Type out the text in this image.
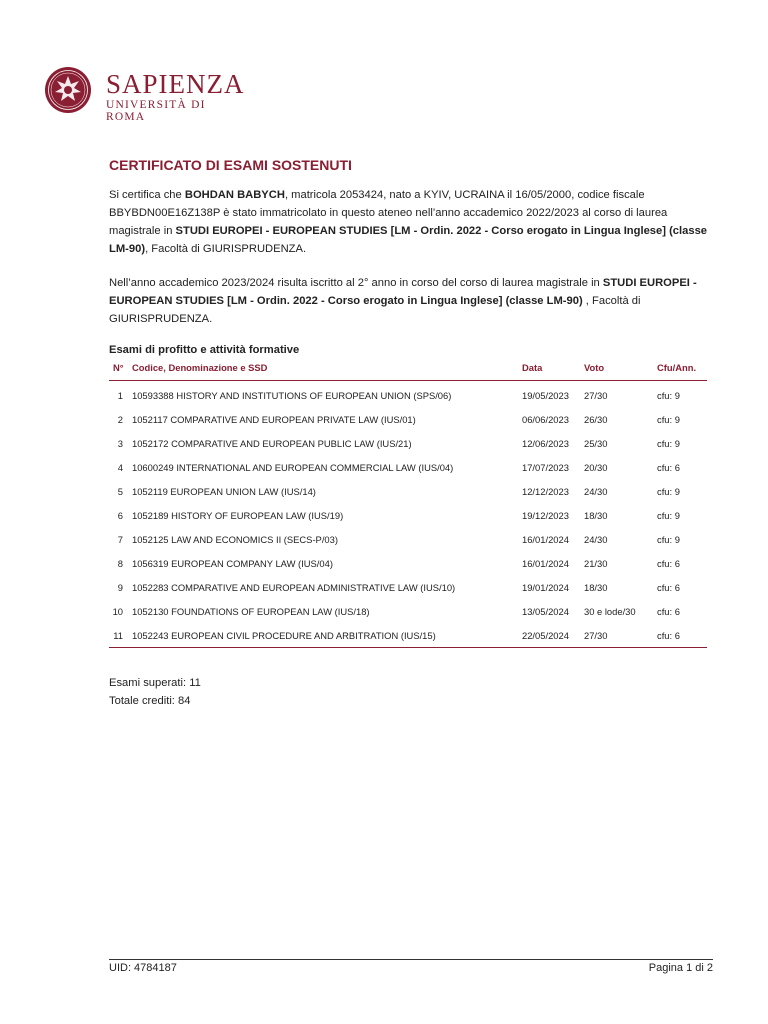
SAPIENZA
UNIVERSITÀ DI ROMA
CERTIFICATO DI ESAMI SOSTENUTI
Si certifica che BOHDAN BABYCH, matricola 2053424, nato a KYIV, UCRAINA il 16/05/2000, codice fiscale BBYBDN00E16Z138P è stato immatricolato in questo ateneo nell’anno accademico 2022/2023 al corso di laurea magistrale in STUDI EUROPEI - EUROPEAN STUDIES [LM - Ordin. 2022 - Corso erogato in Lingua Inglese] (classe LM-90), Facoltà di GIURISPRUDENZA.
Nell’anno accademico 2023/2024 risulta iscritto al 2° anno in corso del corso di laurea magistrale in STUDI EUROPEI - EUROPEAN STUDIES [LM - Ordin. 2022 - Corso erogato in Lingua Inglese] (classe LM-90) , Facoltà di GIURISPRUDENZA.
Esami di profitto e attività formative
N° Codice, Denominazione e SSD	Data	Voto	Cfu/Ann.
1 10593388 HISTORY AND INSTITUTIONS OF EUROPEAN UNION (SPS/06)	19/05/2023 27/30	cfu: 9
2 1052117 COMPARATIVE AND EUROPEAN PRIVATE LAW (IUS/01)	06/06/2023 26/30	cfu: 9
3 1052172 COMPARATIVE AND EUROPEAN PUBLIC LAW (IUS/21)	12/06/2023 25/30	cfu: 9
4 10600249 INTERNATIONAL AND EUROPEAN COMMERCIAL LAW (IUS/04)	17/07/2023 20/30	cfu: 6
5 1052119 EUROPEAN UNION LAW (IUS/14)	12/12/2023 24/30	cfu: 9
6 1052189 HISTORY OF EUROPEAN LAW (IUS/19)	19/12/2023 18/30	cfu: 9
7 1052125 LAW AND ECONOMICS II (SECS-P/03)	16/01/2024 24/30	cfu: 9
8 1056319 EUROPEAN COMPANY LAW (IUS/04)	16/01/2024 21/30	cfu: 6
9 1052283 COMPARATIVE AND EUROPEAN ADMINISTRATIVE LAW (IUS/10)	19/01/2024 18/30	cfu: 6
10 1052130 FOUNDATIONS OF EUROPEAN LAW (IUS/18)	13/05/2024 30 e lode/30 cfu: 6
11 1052243 EUROPEAN CIVIL PROCEDURE AND ARBITRATION (IUS/15)	22/05/2024 27/30	cfu: 6
Esami superati: 11
Totale crediti: 84
UID: 4784187	Pagina 1 di 2
